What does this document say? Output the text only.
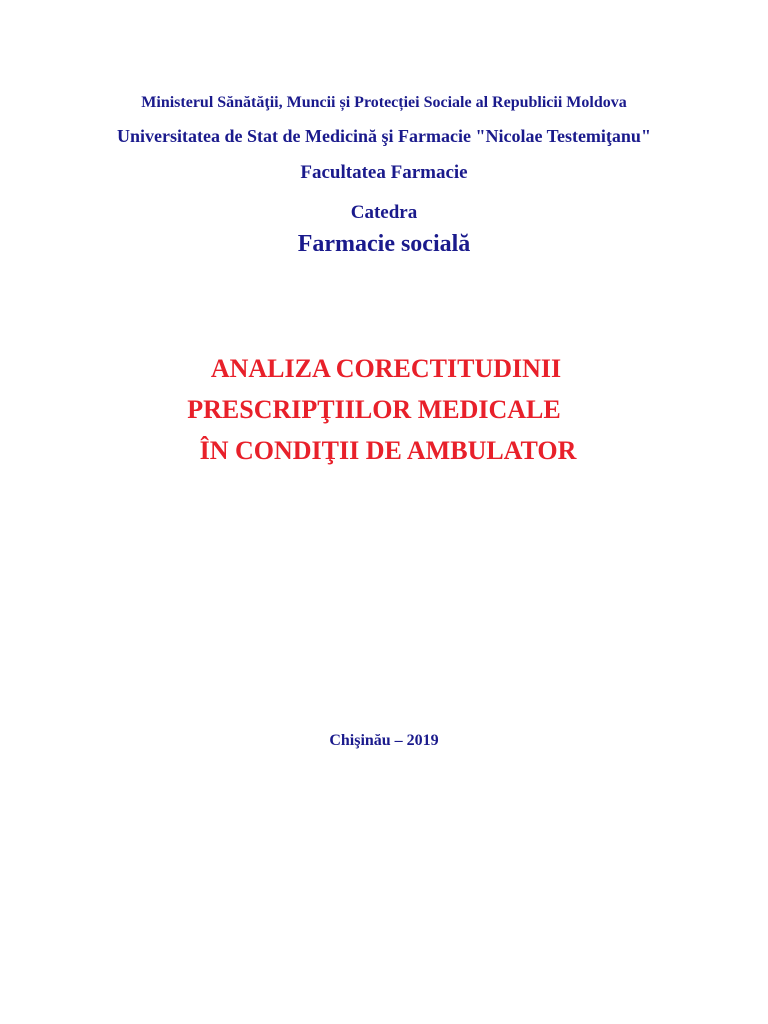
Ministerul Sănătăţii, Muncii și Protecției Sociale al Republicii Moldova
Universitatea de Stat de Medicină şi Farmacie "Nicolae Testemiţanu"
Facultatea Farmacie
Catedra
Farmacie socială
ANALIZA CORECTITUDINII
PRESCRIPŢIILOR MEDICALE
ÎN CONDIŢII DE AMBULATOR
Chişinău – 2019
